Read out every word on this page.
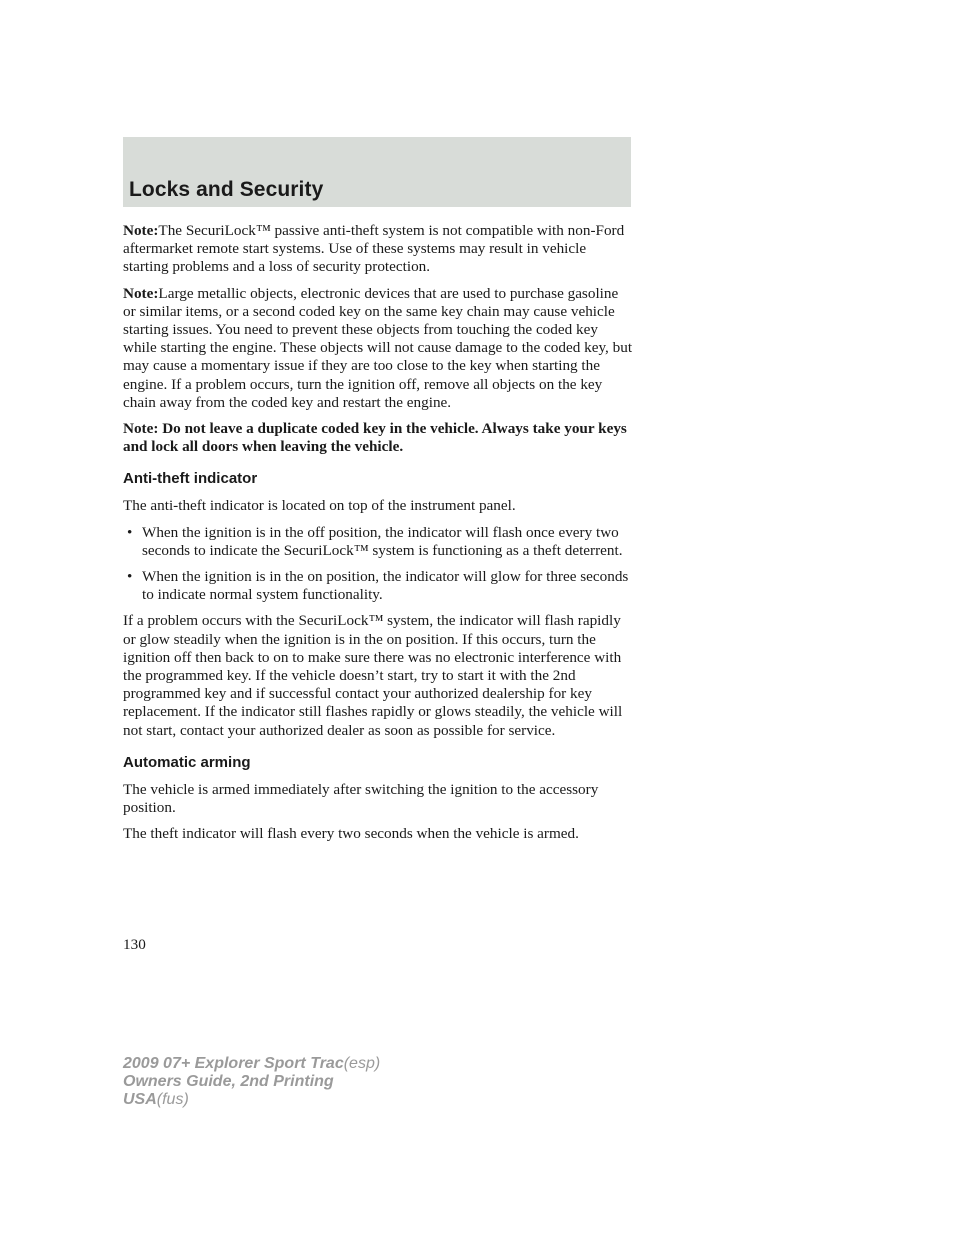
Locks and Security

Note:The SecuriLock™ passive anti-theft system is not compatible with non-Ford aftermarket remote start systems. Use of these systems may result in vehicle starting problems and a loss of security protection.

Note:Large metallic objects, electronic devices that are used to purchase gasoline or similar items, or a second coded key on the same key chain may cause vehicle starting issues. You need to prevent these objects from touching the coded key while starting the engine. These objects will not cause damage to the coded key, but may cause a momentary issue if they are too close to the key when starting the engine. If a problem occurs, turn the ignition off, remove all objects on the key chain away from the coded key and restart the engine.

Note: Do not leave a duplicate coded key in the vehicle. Always take your keys and lock all doors when leaving the vehicle.

Anti-theft indicator

The anti-theft indicator is located on top of the instrument panel.

• When the ignition is in the off position, the indicator will flash once every two seconds to indicate the SecuriLock™ system is functioning as a theft deterrent.
• When the ignition is in the on position, the indicator will glow for three seconds to indicate normal system functionality.

If a problem occurs with the SecuriLock™ system, the indicator will flash rapidly or glow steadily when the ignition is in the on position. If this occurs, turn the ignition off then back to on to make sure there was no electronic interference with the programmed key. If the vehicle doesn’t start, try to start it with the 2nd programmed key and if successful contact your authorized dealership for key replacement. If the indicator still flashes rapidly or glows steadily, the vehicle will not start, contact your authorized dealer as soon as possible for service.

Automatic arming

The vehicle is armed immediately after switching the ignition to the accessory position.

The theft indicator will flash every two seconds when the vehicle is armed.

130
2009 07+ Explorer Sport Trac(esp)
Owners Guide, 2nd Printing
USA(fus)
